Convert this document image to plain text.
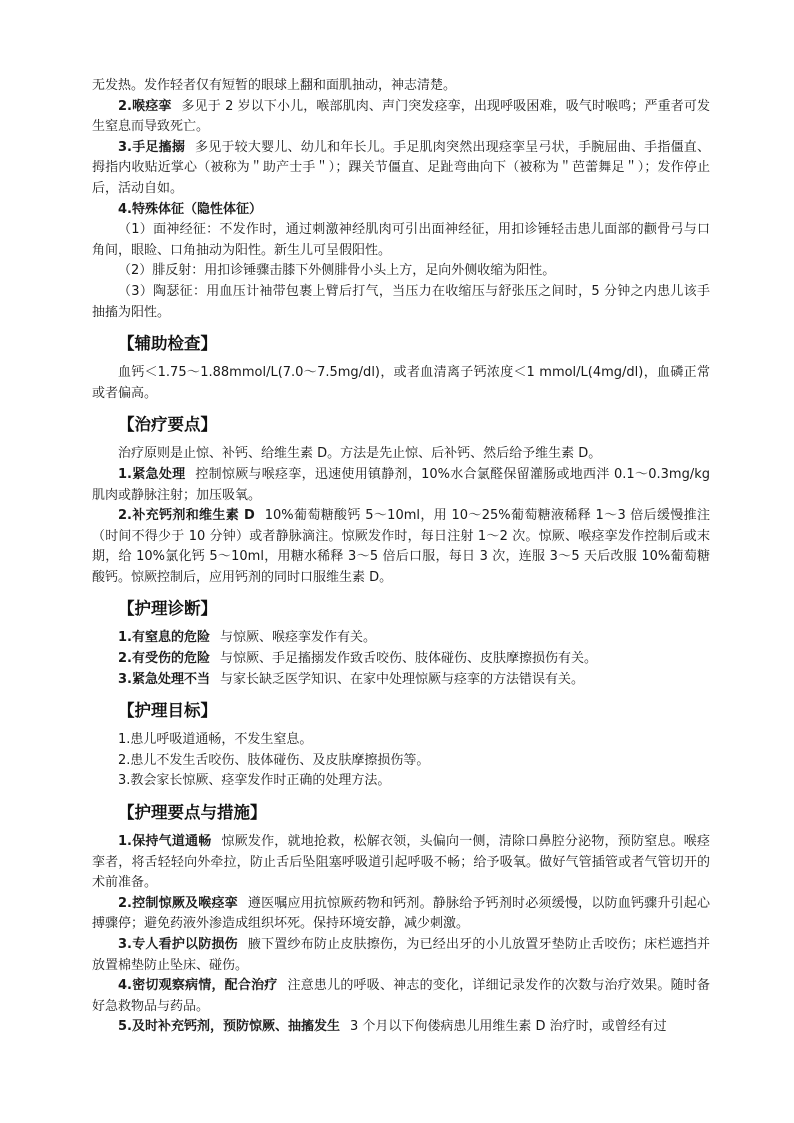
无发热。发作轻者仅有短暂的眼球上翻和面肌抽动，神志清楚。

2.喉痉挛 多见于 2 岁以下小儿，喉部肌肉、声门突发痉挛，出现呼吸困难，吸气时喉鸣；严重者可发生窒息而导致死亡。

3.手足搐搦 多见于较大婴儿、幼儿和年长儿。手足肌肉突然出现痉挛呈弓状，手腕屈曲、手指僵直、拇指内收贴近掌心（被称为＂助产士手＂）；踝关节僵直、足趾弯曲向下（被称为＂芭蕾舞足＂）；发作停止后，活动自如。

4.特殊体征（隐性体征）

（1）面神经征：不发作时，通过刺激神经肌肉可引出面神经征，用扣诊锤轻击患儿面部的颧骨弓与口角间，眼睑、口角抽动为阳性。新生儿可呈假阳性。

（2）腓反射：用扣诊锤骤击膝下外侧腓骨小头上方，足向外侧收缩为阳性。

（3）陶瑟征：用血压计袖带包裹上臂后打气，当压力在收缩压与舒张压之间时，5 分钟之内患儿该手抽搐为阳性。

【辅助检查】

血钙＜1.75～1.88mmol/L(7.0～7.5mg/dl)，或者血清离子钙浓度＜1 mmol/L(4mg/dl)，血磷正常或者偏高。

【治疗要点】

治疗原则是止惊、补钙、给维生素 D。方法是先止惊、后补钙、然后给予维生素 D。

1.紧急处理 控制惊厥与喉痉挛，迅速使用镇静剂，10%水合氯醛保留灌肠或地西泮 0.1～0.3mg/kg 肌肉或静脉注射；加压吸氧。

2.补充钙剂和维生素 D 10%葡萄糖酸钙 5～10ml，用 10～25%葡萄糖液稀释 1～3 倍后缓慢推注（时间不得少于 10 分钟）或者静脉滴注。惊厥发作时，每日注射 1～2 次。惊厥、喉痉挛发作控制后或末期，给 10%氯化钙 5～10ml，用糖水稀释 3～5 倍后口服，每日 3 次，连服 3～5 天后改服 10%葡萄糖酸钙。惊厥控制后，应用钙剂的同时口服维生素 D。

【护理诊断】

1.有窒息的危险 与惊厥、喉痉挛发作有关。

2.有受伤的危险 与惊厥、手足搐搦发作致舌咬伤、肢体碰伤、皮肤摩擦损伤有关。

3.紧急处理不当 与家长缺乏医学知识、在家中处理惊厥与痉挛的方法错误有关。

【护理目标】

1.患儿呼吸道通畅，不发生窒息。

2.患儿不发生舌咬伤、肢体碰伤、及皮肤摩擦损伤等。

3.教会家长惊厥、痉挛发作时正确的处理方法。

【护理要点与措施】

1.保持气道通畅 惊厥发作，就地抢救，松解衣领，头偏向一侧，清除口鼻腔分泌物，预防窒息。喉痉挛者，将舌轻轻向外牵拉，防止舌后坠阻塞呼吸道引起呼吸不畅；给予吸氧。做好气管插管或者气管切开的术前准备。

2.控制惊厥及喉痉挛 遵医嘱应用抗惊厥药物和钙剂。静脉给予钙剂时必须缓慢，以防血钙骤升引起心搏骤停；避免药液外渗造成组织坏死。保持环境安静，减少刺激。

3.专人看护以防损伤 腋下置纱布防止皮肤擦伤，为已经出牙的小儿放置牙垫防止舌咬伤；床栏遮挡并放置棉垫防止坠床、碰伤。

4.密切观察病情，配合治疗 注意患儿的呼吸、神志的变化，详细记录发作的次数与治疗效果。随时备好急救物品与药品。

5.及时补充钙剂，预防惊厥、抽搐发生 3 个月以下佝偻病患儿用维生素 D 治疗时，或曾经有过
